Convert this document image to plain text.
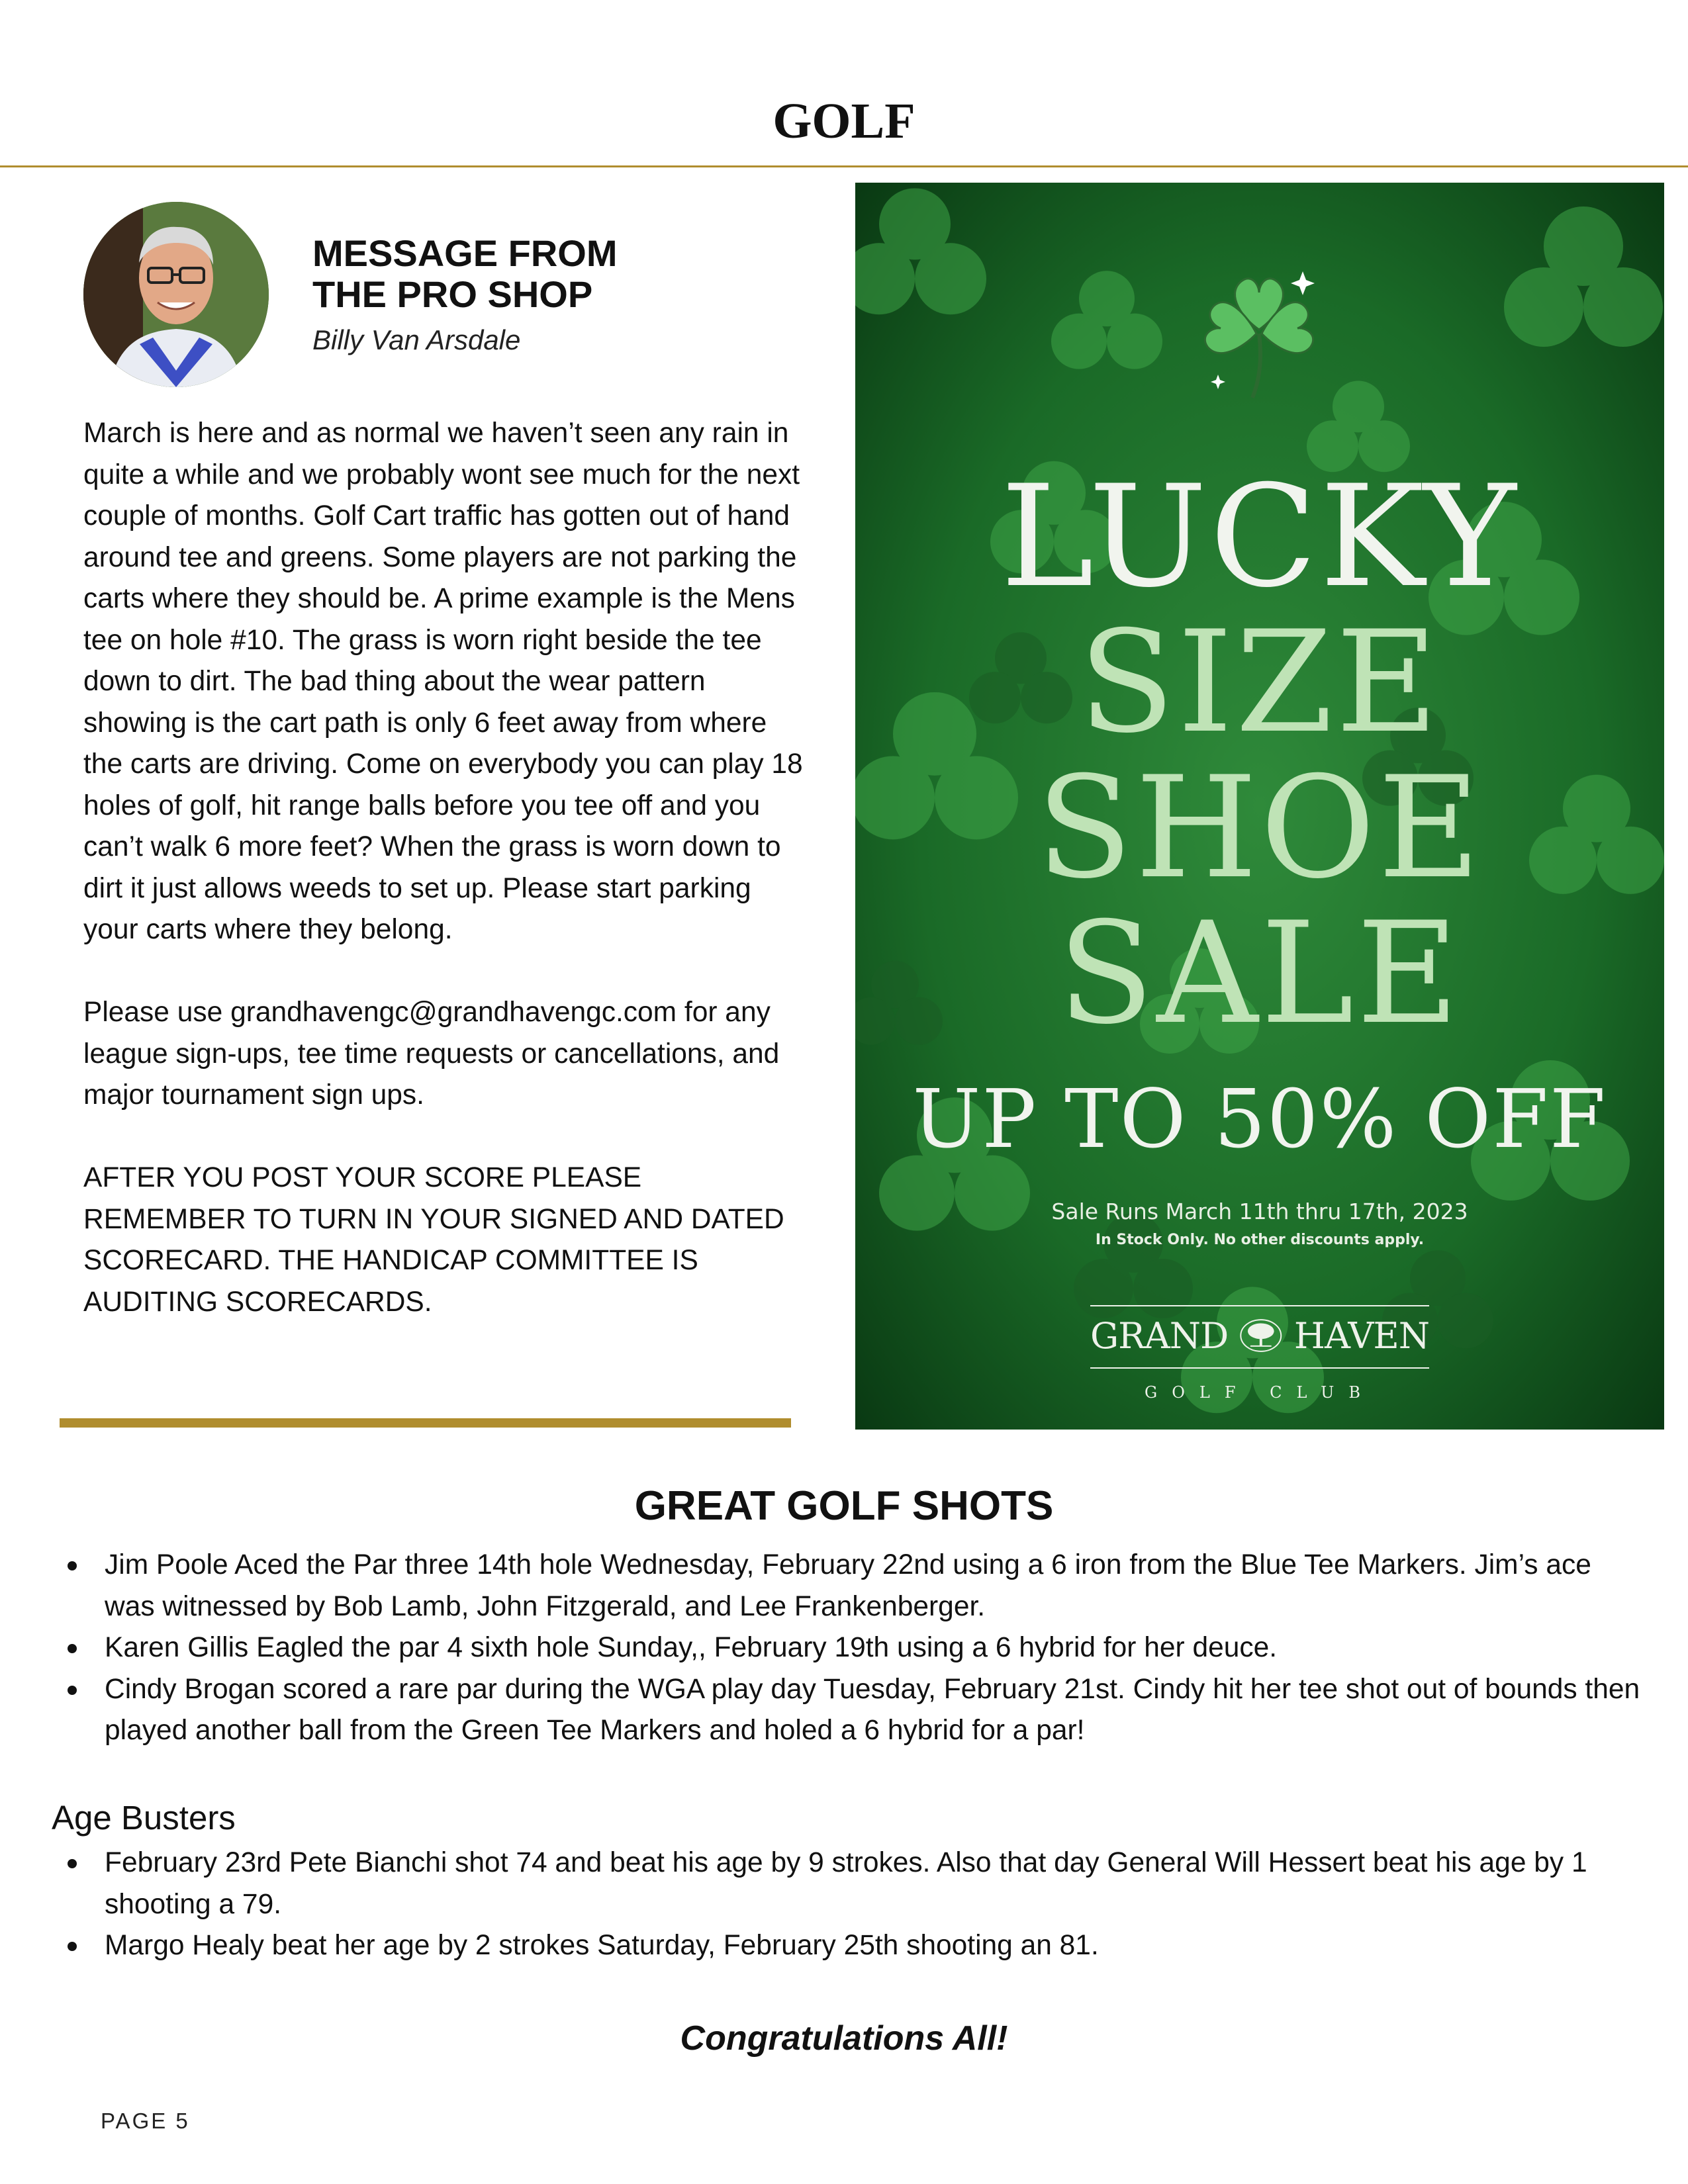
GOLF
MESSAGE FROM
THE PRO SHOP
Billy Van Arsdale

March is here and as normal we haven’t seen any rain in quite a while and we probably wont see much for the next couple of months. Golf Cart traffic has gotten out of hand around tee and greens. Some players are not parking the carts where they should be. A prime example is the Mens tee on hole #10. The grass is worn right beside the tee down to dirt. The bad thing about the wear pattern showing is the cart path is only 6 feet away from where the carts are driving. Come on everybody you can play 18 holes of golf, hit range balls before you tee off and you can’t walk 6 more feet? When the grass is worn down to dirt it just allows weeds to set up. Please start parking your carts where they belong.

Please use grandhavengc@grandhavengc.com for any league sign-ups, tee time requests or cancellations, and major tournament sign ups.

AFTER YOU POST YOUR SCORE PLEASE REMEMBER TO TURN IN YOUR SIGNED AND DATED SCORECARD. THE HANDICAP COMMITTEE IS AUDITING SCORECARDS.

LUCKY
SIZE
SHOE
SALE
UP TO 50% OFF
Sale Runs March 11th thru 17th, 2023
In Stock Only. No other discounts apply.
GRAND HAVEN
GOLF CLUB
GREAT GOLF SHOTS
Jim Poole Aced the Par three 14th hole Wednesday, February 22nd using a 6 iron from the Blue Tee Markers. Jim’s ace was witnessed by Bob Lamb, John Fitzgerald, and Lee Frankenberger.
Karen Gillis Eagled the par 4 sixth hole Sunday,, February 19th using a 6 hybrid for her deuce.
Cindy Brogan scored a rare par during the WGA play day Tuesday, February 21st. Cindy hit her tee shot out of bounds then played another ball from the Green Tee Markers and holed a 6 hybrid for a par!
Age Busters
February 23rd Pete Bianchi shot 74 and beat his age by 9 strokes. Also that day General Will Hessert beat his age by 1 shooting a 79.
Margo Healy beat her age by 2 strokes Saturday, February 25th shooting an 81.
Congratulations All!
PAGE 5
